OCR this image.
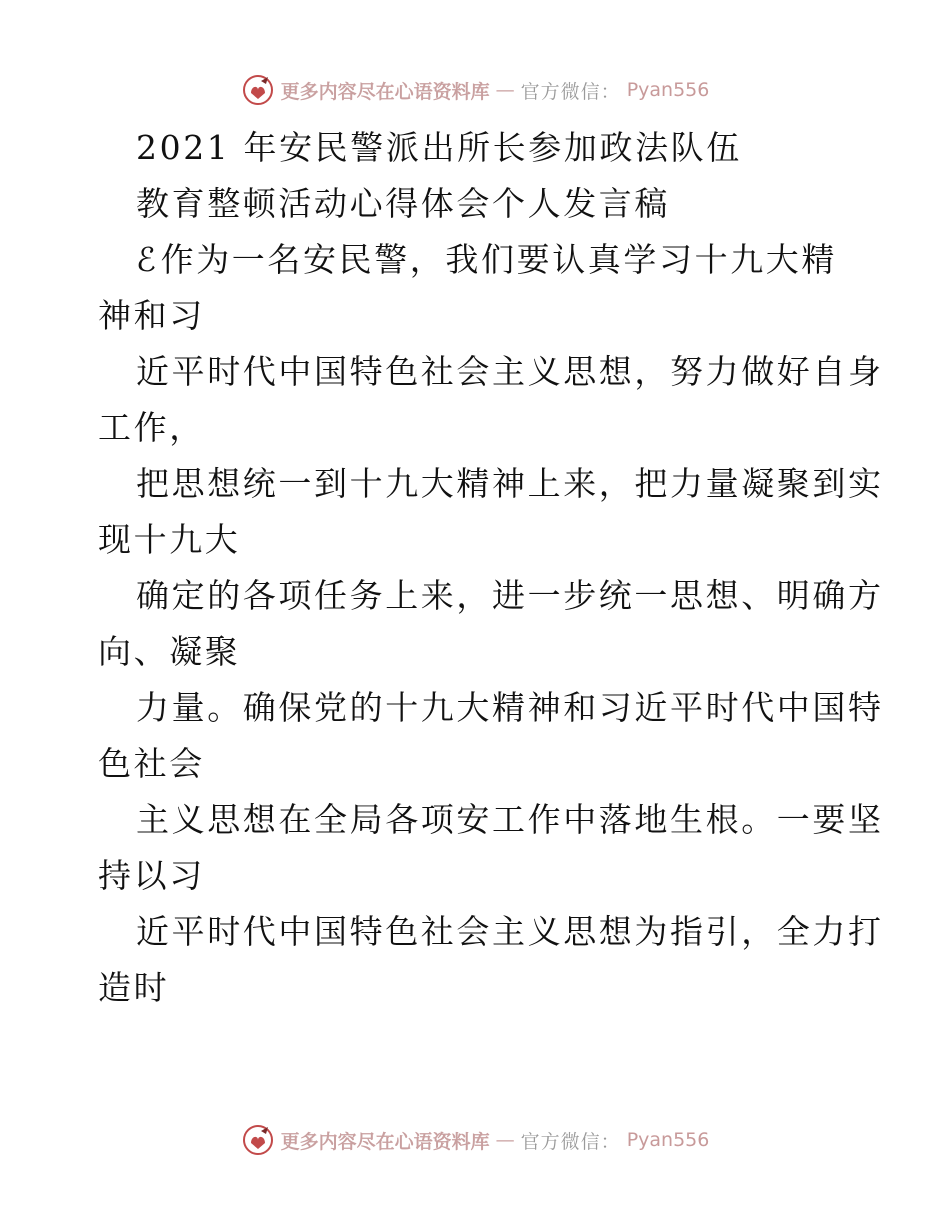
更多内容尽在心语资料库 — 官方微信： Pyan556
2021 年安民警派出所长参加政法队伍
教育整顿活动心得体会个人发言稿
ℰ作为一名安民警，我们要认真学习十九大精
神和习
近平时代中国特色社会主义思想，努力做好自身
工作，
把思想统一到十九大精神上来，把力量凝聚到实
现十九大
确定的各项任务上来，进一步统一思想、明确方
向、凝聚
力量。确保党的十九大精神和习近平时代中国特
色社会
主义思想在全局各项安工作中落地生根。一要坚
持以习
近平时代中国特色社会主义思想为指引，全力打
造时
更多内容尽在心语资料库 — 官方微信： Pyan556
